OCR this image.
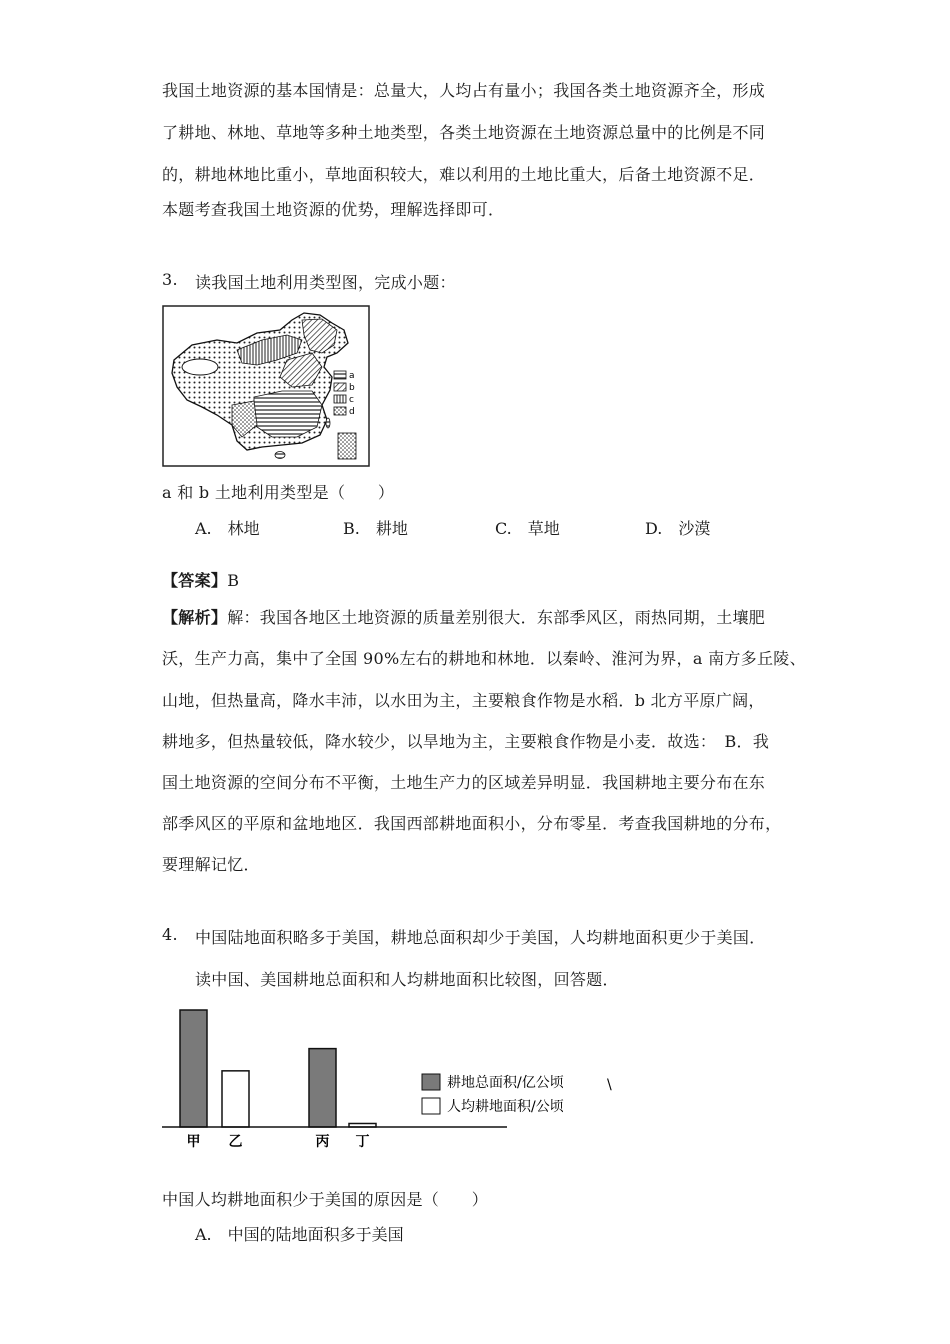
我国土地资源的基本国情是：总量大，人均占有量小；我国各类土地资源齐全，形成
了耕地、林地、草地等多种土地类型，各类土地资源在土地资源总量中的比例是不同
的，耕地林地比重小，草地面积较大，难以利用的土地比重大，后备土地资源不足．
本题考查我国土地资源的优势，理解选择即可．
3. 读我国土地利用类型图，完成小题：
a
b
c
d
a 和 b 土地利用类型是（　　）
A.　林地	B.　耕地	C.　草地	D.　沙漠
【答案】B
【解析】解：我国各地区土地资源的质量差别很大．东部季风区，雨热同期，土壤肥
沃，生产力高，集中了全国 90%左右的耕地和林地．以秦岭、淮河为界，a 南方多丘陵、
山地，但热量高，降水丰沛，以水田为主，主要粮食作物是水稻．b 北方平原广阔，
耕地多，但热量较低，降水较少，以旱地为主，主要粮食作物是小麦．故选：　B．我
国土地资源的空间分布不平衡，土地生产力的区域差异明显．我国耕地主要分布在东
部季风区的平原和盆地地区．我国西部耕地面积小，分布零星．考查我国耕地的分布，
要理解记忆．
4. 中国陆地面积略多于美国，耕地总面积却少于美国，人均耕地面积更少于美国．
读中国、美国耕地总面积和人均耕地面积比较图，回答题．
甲 乙	丙 丁
耕地总面积/亿公顷	\
人均耕地面积/公顷
中国人均耕地面积少于美国的原因是（　　）
A.　中国的陆地面积多于美国
